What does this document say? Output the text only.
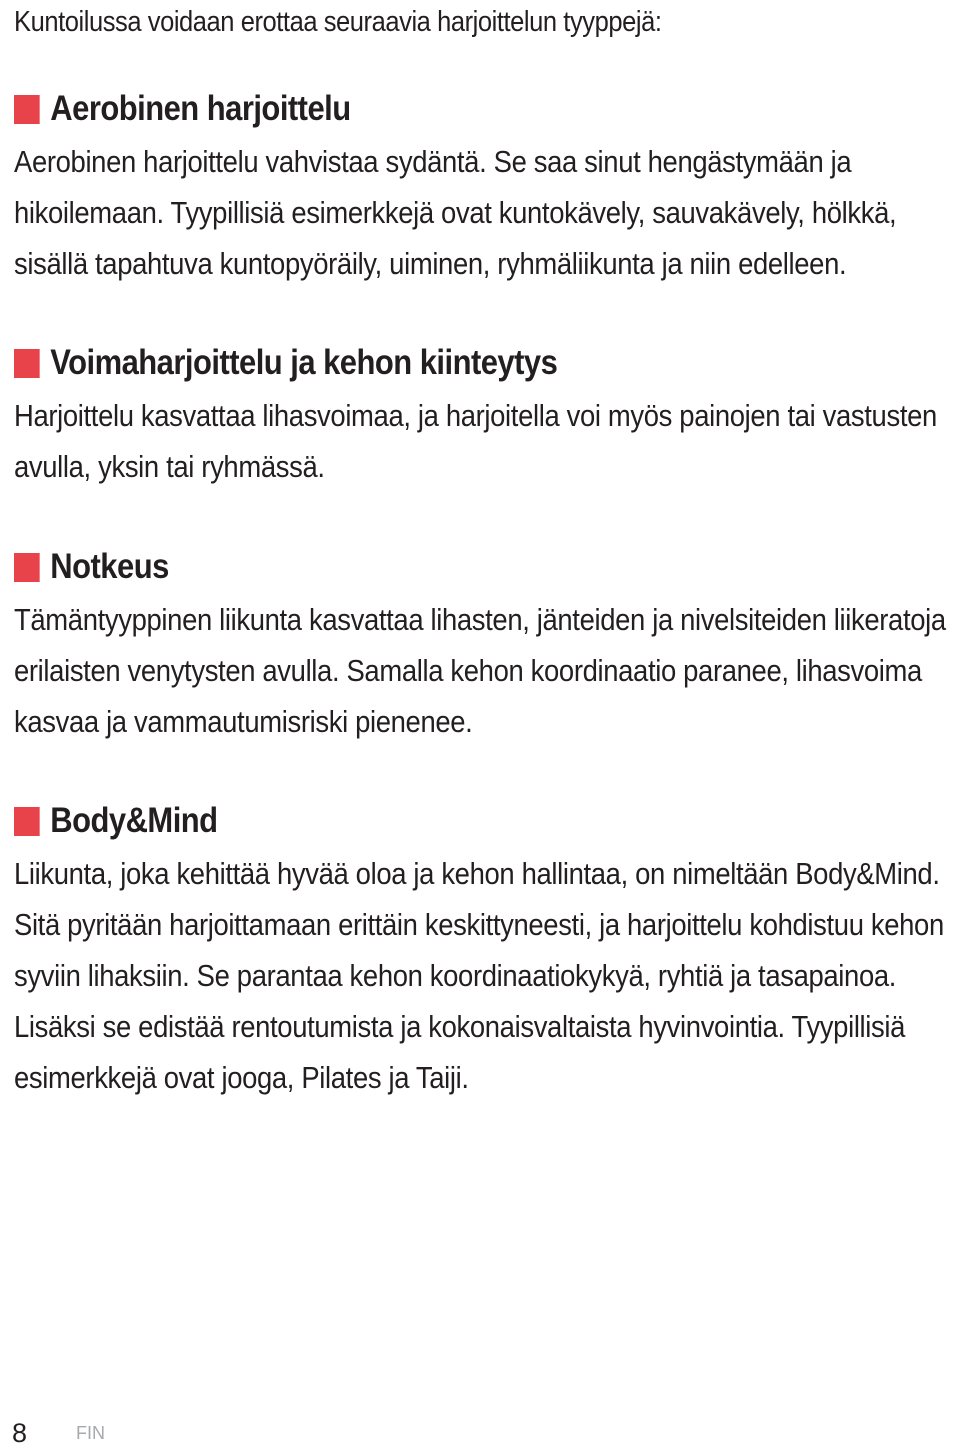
Kuntoilussa voidaan erottaa seuraavia harjoittelun tyyppejä:
Aerobinen harjoittelu
Aerobinen harjoittelu vahvistaa sydäntä. Se saa sinut hengästymään ja hikoilemaan. Tyypillisiä esimerkkejä ovat kuntokävely, sauvakävely, hölkkä, sisällä tapahtuva kuntopyöräily, uiminen, ryhmäliikunta ja niin edelleen.
Voimaharjoittelu ja kehon kiinteytys
Harjoittelu kasvattaa lihasvoimaa, ja harjoitella voi myös painojen tai vastusten avulla, yksin tai ryhmässä.
Notkeus
Tämäntyyppinen liikunta kasvattaa lihasten, jänteiden ja nivelsiteiden liikeratoja erilaisten venytysten avulla. Samalla kehon koordinaatio paranee, lihasvoima kasvaa ja vammautumisriski pienenee.
Body&Mind
Liikunta, joka kehittää hyvää oloa ja kehon hallintaa, on nimeltään Body&Mind. Sitä pyritään harjoittamaan erittäin keskittyneesti, ja harjoittelu kohdistuu kehon syviin lihaksiin. Se parantaa kehon koordinaatiokykyä, ryhtiä ja tasapainoa. Lisäksi se edistää rentoutumista ja kokonaisvaltaista hyvinvointia. Tyypillisiä esimerkkejä ovat jooga, Pilates ja Taiji.
8	FIN
